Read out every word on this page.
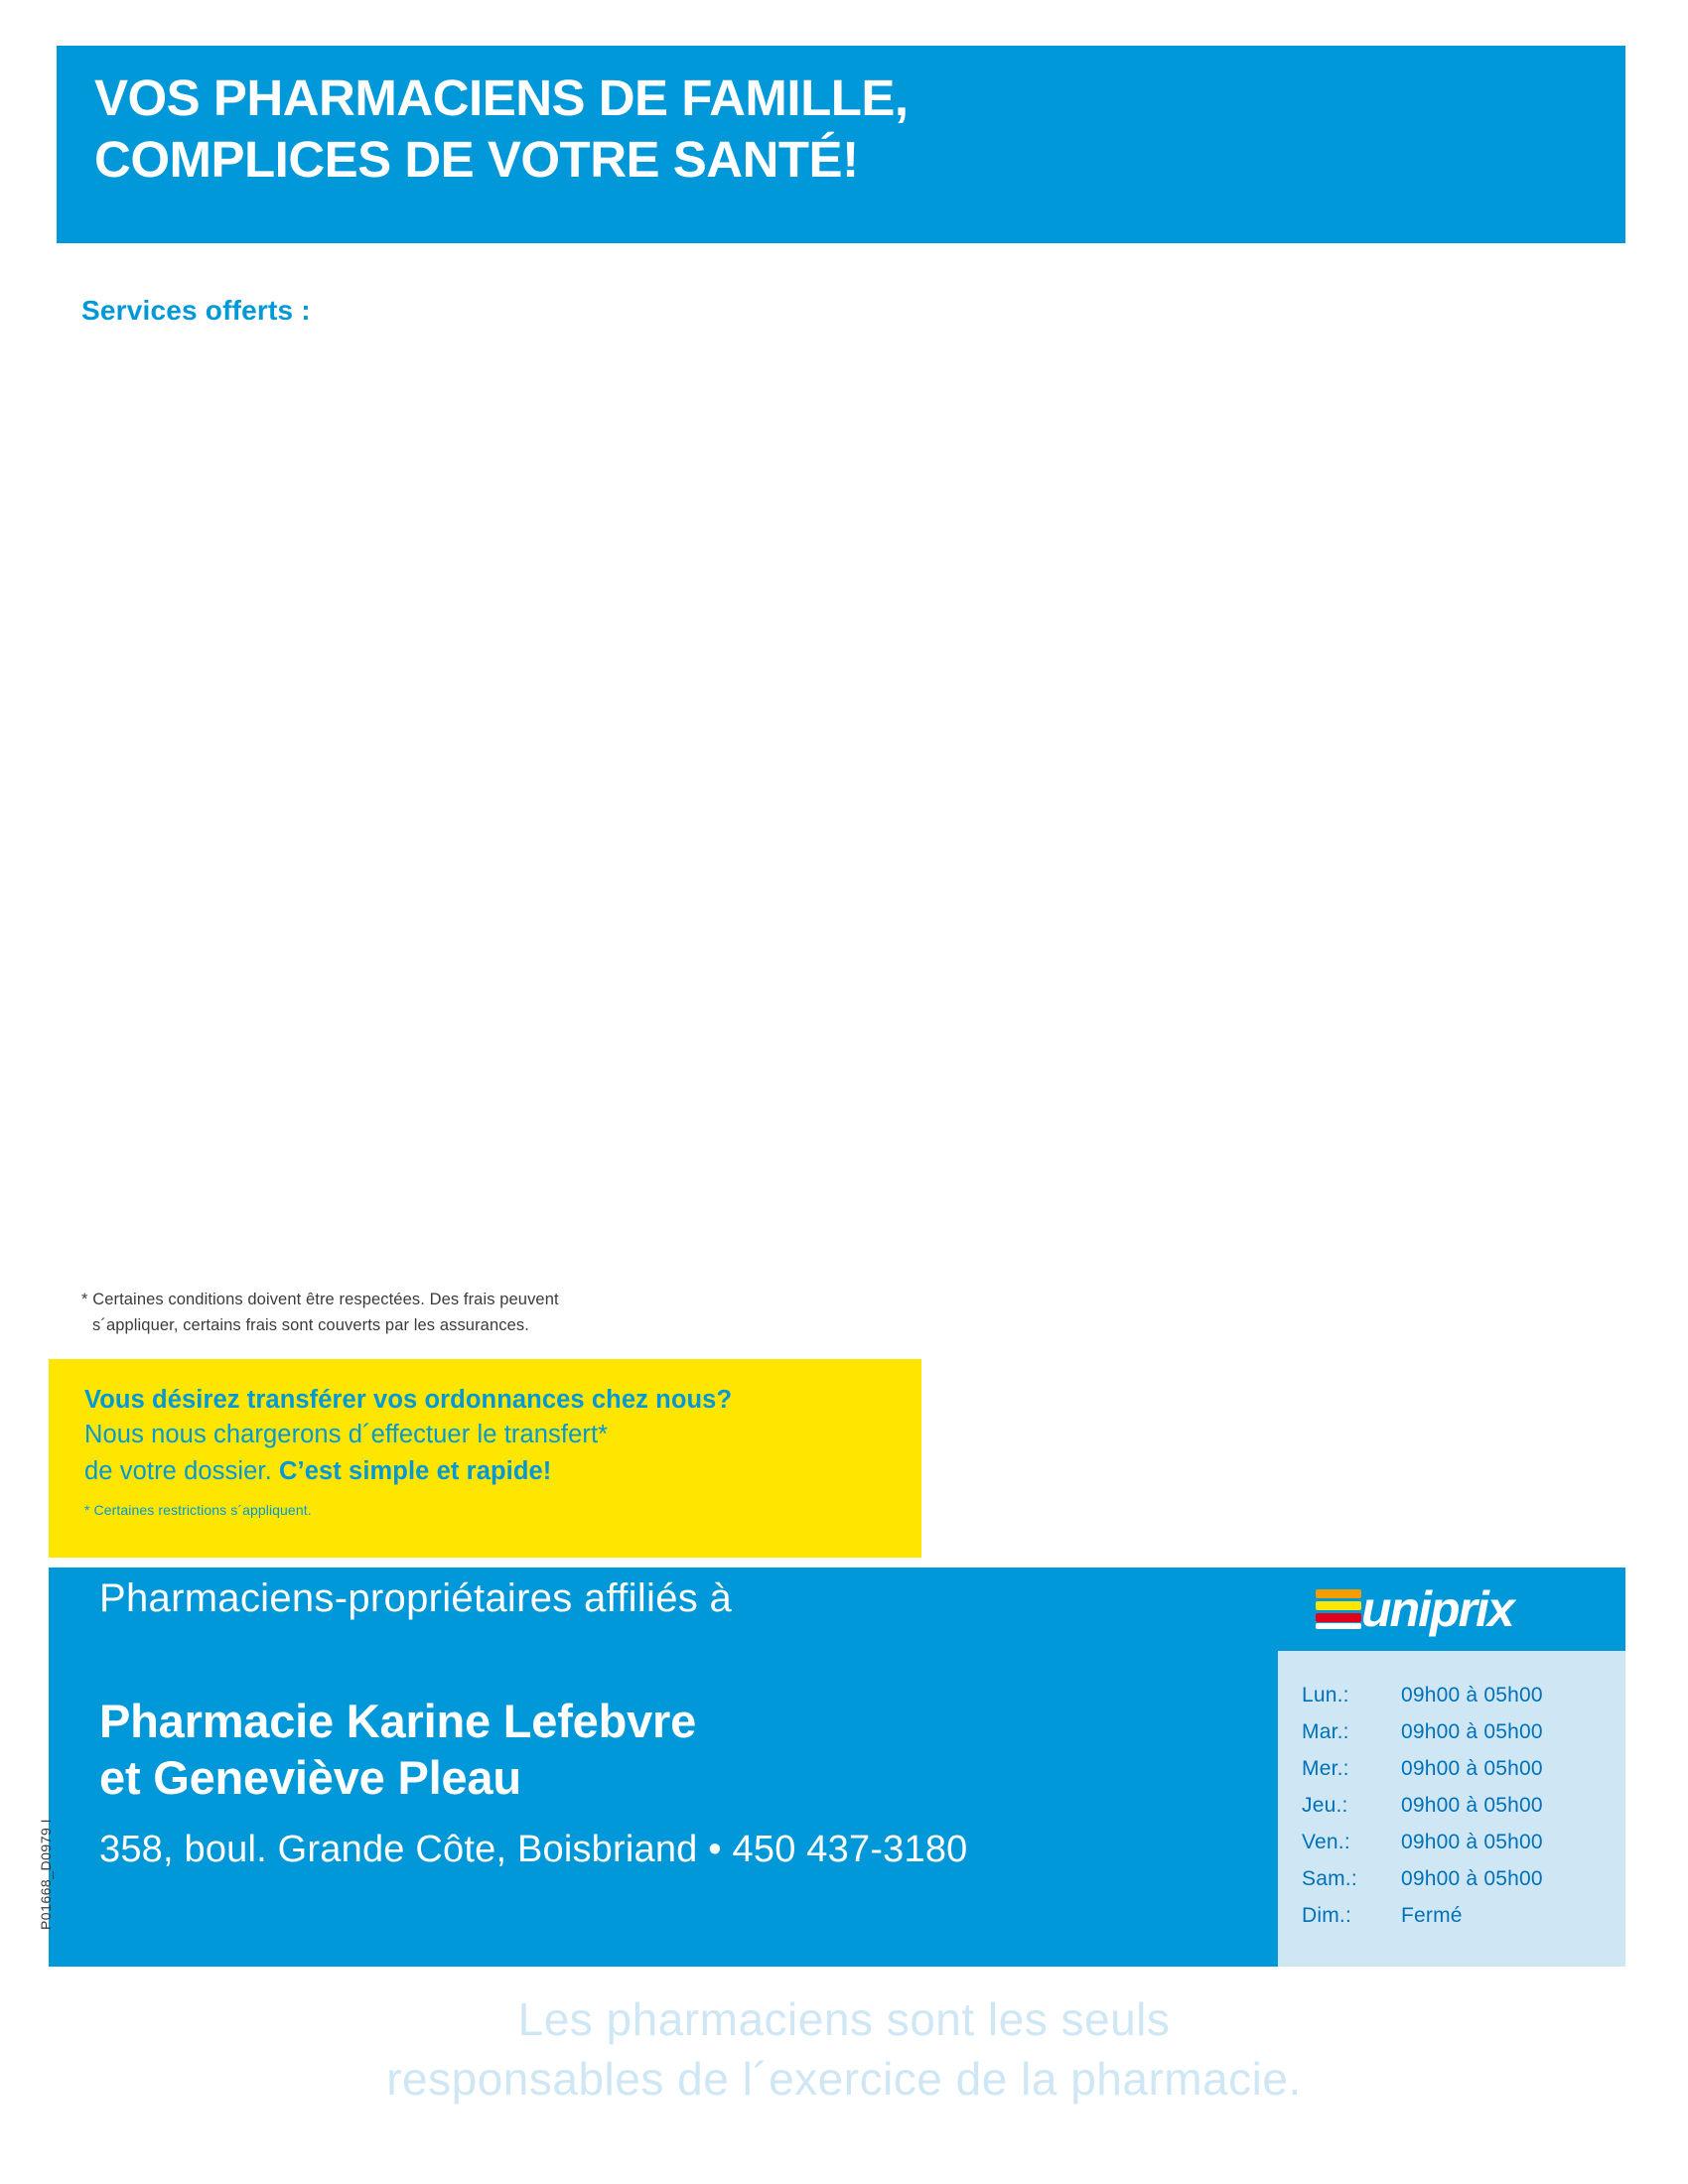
VOS PHARMACIENS DE FAMILLE,
COMPLICES DE VOTRE SANTÉ!
Services offerts :
* Certaines conditions doivent être respectées. Des frais peuvent
s´appliquer, certains frais sont couverts par les assurances.
Vous désirez transférer vos ordonnances chez nous?
Nous nous chargerons d´effectuer le transfert*
de votre dossier. C’est simple et rapide!
* Certaines restrictions s´appliquent.
Pharmaciens-propriétaires affiliés à	uniprix
Pharmacie Karine Lefebvre
et Geneviève Pleau
358, boul. Grande Côte, Boisbriand • 450 437-3180
Lun.:	09h00 à 05h00
Mar.:	09h00 à 05h00
Mer.:	09h00 à 05h00
Jeu.:	09h00 à 05h00
Ven.:	09h00 à 05h00
Sam.:	09h00 à 05h00
Dim.:	Fermé
Les pharmaciens sont les seuls
responsables de l´exercice de la pharmacie.
P01668_D0979 I
